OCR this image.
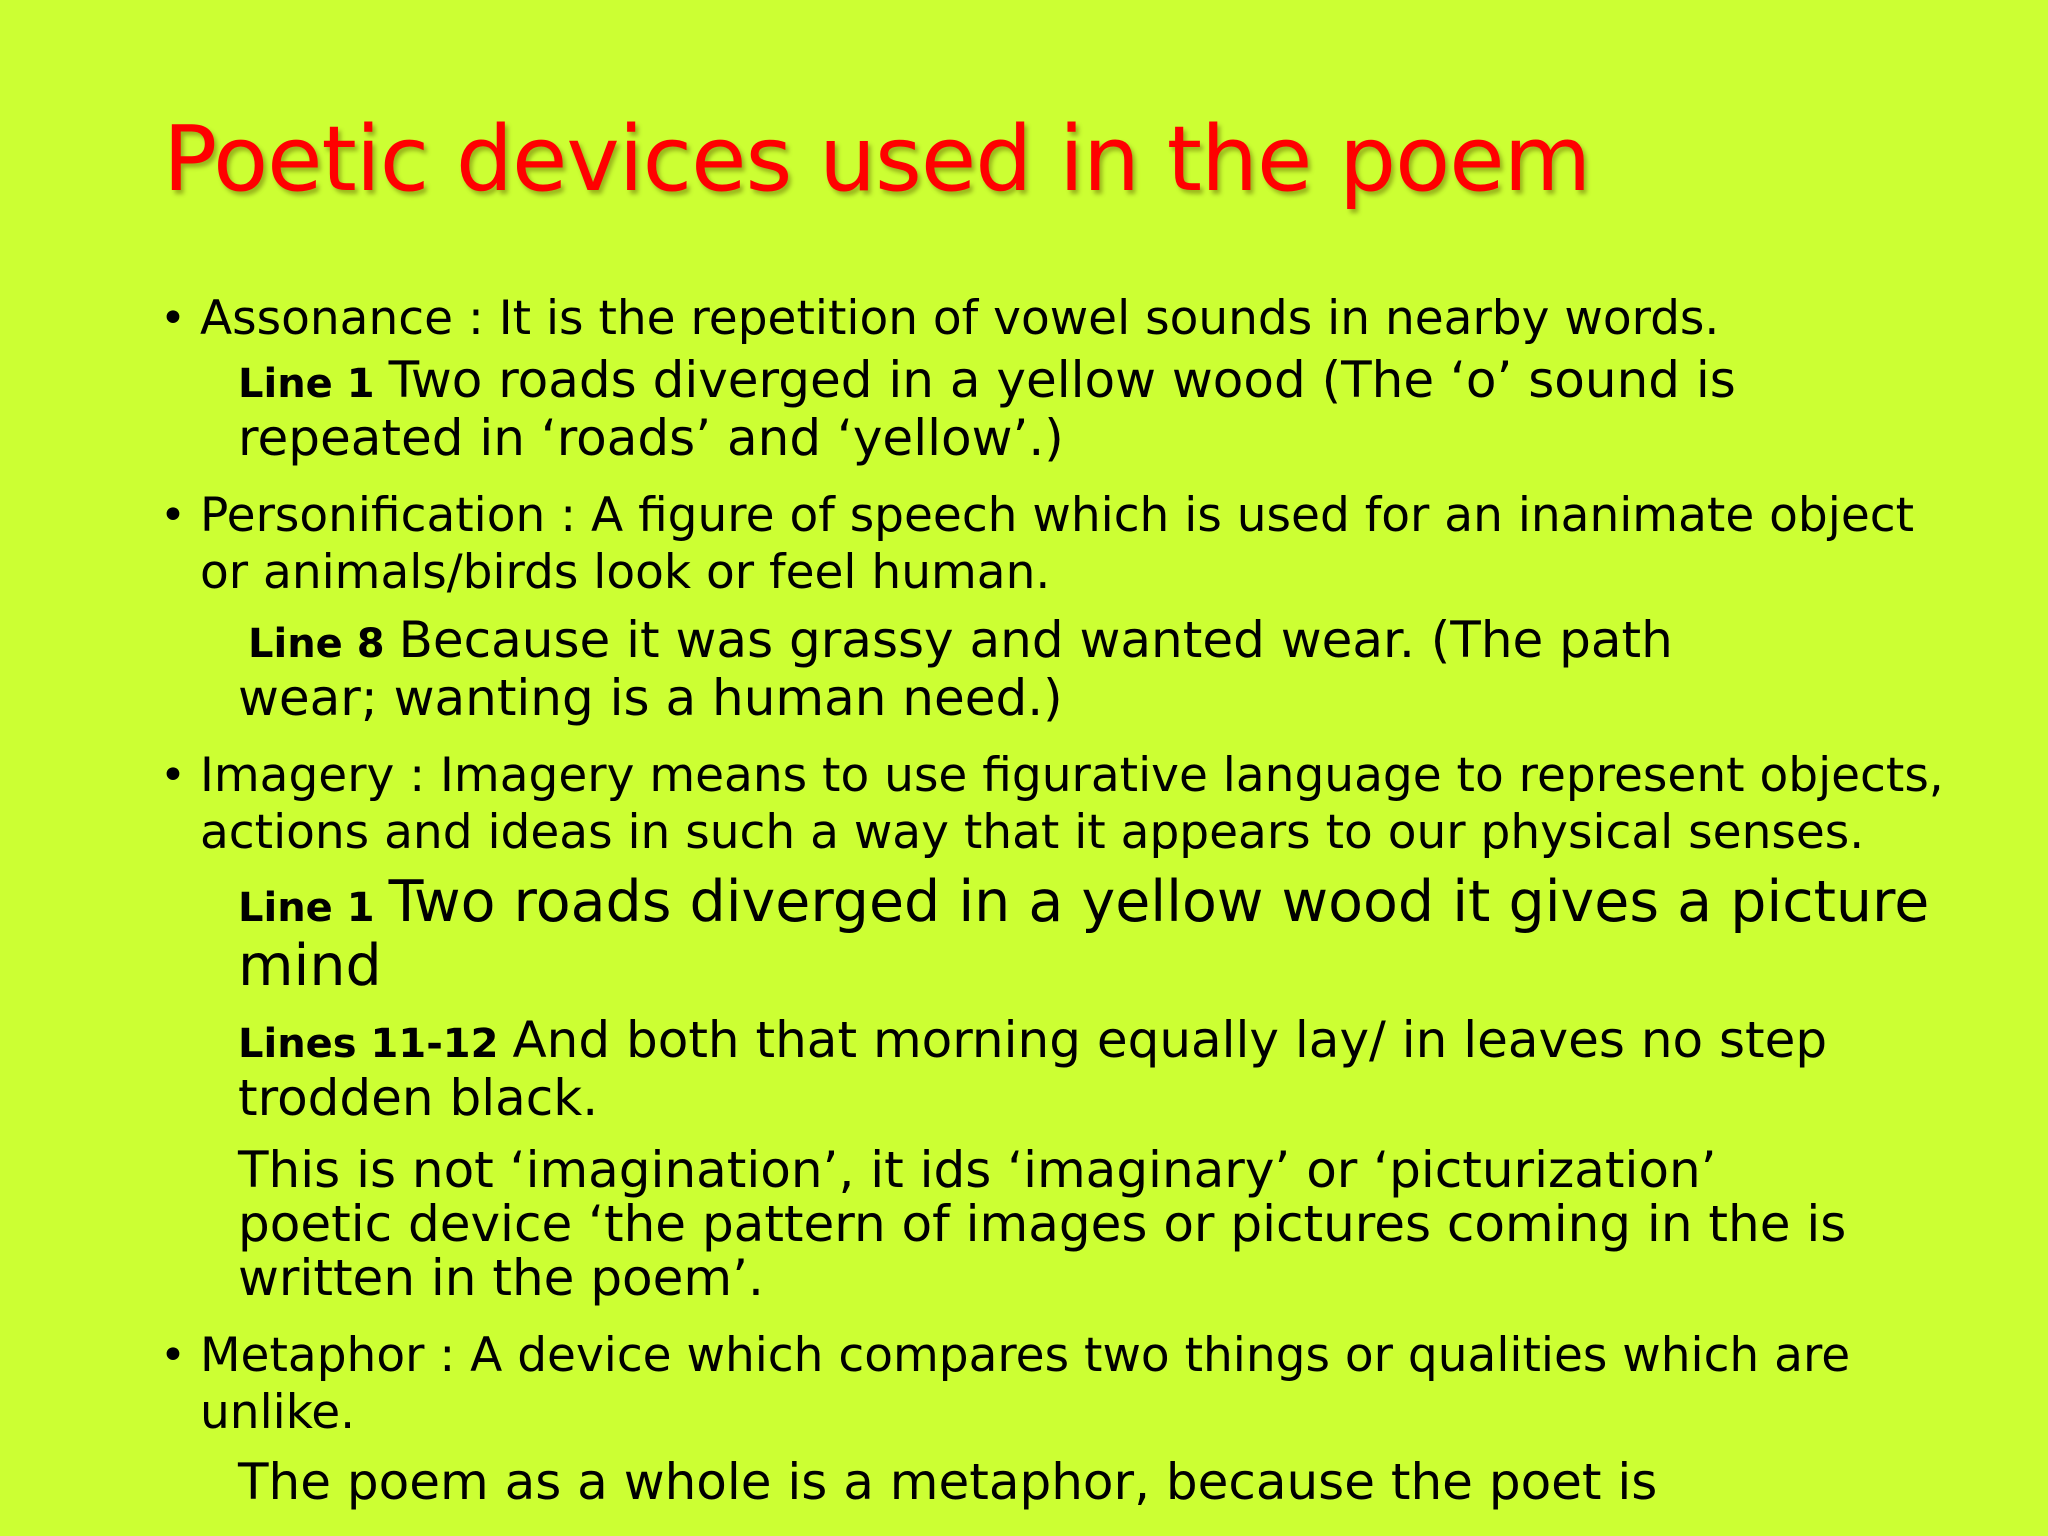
Poetic devices used in the poem
• Assonance : It is the repetition of vowel sounds in nearby words.
Line 1 Two roads diverged in a yellow wood (The ‘o’ sound is repeated in ‘roads’ and ‘yellow’.)
• Personification : A figure of speech which is used for an inanimate object or animals/birds look or feel human.
Line 8 Because it was grassy and wanted wear. (The path wear; wanting is a human need.)
• Imagery : Imagery means to use figurative language to represent objects, actions and ideas in such a way that it appears to our physical senses.
Line 1 Two roads diverged in a yellow wood it gives a picture mind
Lines 11-12 And both that morning equally lay/ in leaves no step trodden black.
This is not ‘imagination’, it ids ‘imaginary’ or ‘picturization’ poetic device ‘the pattern of images or pictures coming in the is written in the poem’.
• Metaphor : A device which compares two things or qualities which are unlike.
The poem as a whole is a metaphor, because the poet is
